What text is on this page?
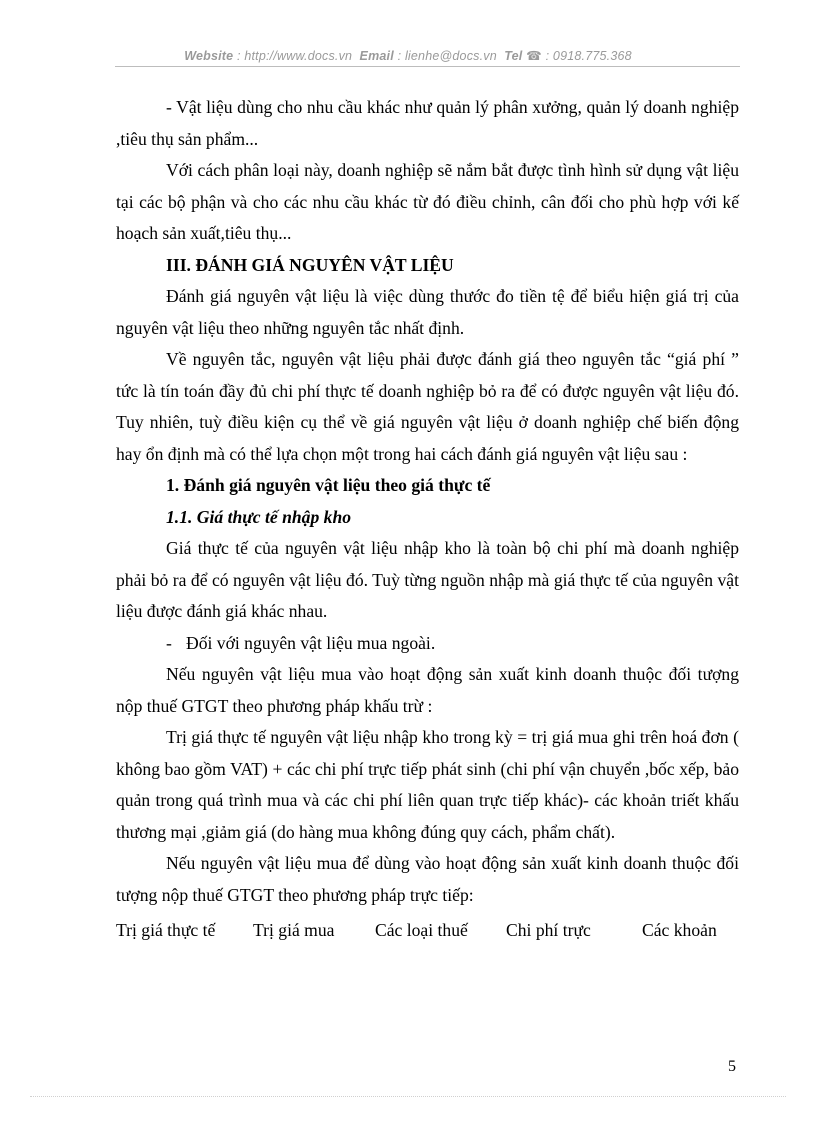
Website : http://www.docs.vn Email : lienhe@docs.vn Tel ☎ : 0918.775.368

- Vật liệu dùng cho nhu cầu khác như quản lý phân xưởng, quản lý doanh nghiệp ,tiêu thụ sản phẩm...

Với cách phân loại này, doanh nghiệp sẽ nắm bắt được tình hình sử dụng vật liệu tại các bộ phận và cho các nhu cầu khác từ đó điều chỉnh, cân đối cho phù hợp với kế hoạch sản xuất,tiêu thụ...

III. ĐÁNH GIÁ NGUYÊN VẬT LIỆU

Đánh giá nguyên vật liệu là việc dùng thước đo tiền tệ để biểu hiện giá trị của nguyên vật liệu theo những nguyên tắc nhất định.

Về nguyên tắc, nguyên vật liệu phải được đánh giá theo nguyên tắc “giá phí ” tức là tín toán đầy đủ chi phí thực tế doanh nghiệp bỏ ra để có được nguyên vật liệu đó. Tuy nhiên, tuỳ điều kiện cụ thể về giá nguyên vật liệu ở doanh nghiệp chế biến động hay ổn định mà có thể lựa chọn một trong hai cách đánh giá nguyên vật liệu sau :

1. Đánh giá nguyên vật liệu theo giá thực tế

1.1. Giá thực tế nhập kho

Giá thực tế của nguyên vật liệu nhập kho là toàn bộ chi phí mà doanh nghiệp phải bỏ ra để có nguyên vật liệu đó. Tuỳ từng nguồn nhập mà giá thực tế của nguyên vật liệu được đánh giá khác nhau.

- Đối với nguyên vật liệu mua ngoài.

Nếu nguyên vật liệu mua vào hoạt động sản xuất kinh doanh thuộc đối tượng nộp thuế GTGT theo phương pháp khấu trừ :

Trị giá thực tế nguyên vật liệu nhập kho trong kỳ = trị giá mua ghi trên hoá đơn ( không bao gồm VAT) + các chi phí trực tiếp phát sinh (chi phí vận chuyển ,bốc xếp, bảo quản trong quá trình mua và các chi phí liên quan trực tiếp khác)- các khoản triết khấu thương mại ,giảm giá (do hàng mua không đúng quy cách, phẩm chất).

Nếu nguyên vật liệu mua để dùng vào hoạt động sản xuất kinh doanh thuộc đối tượng nộp thuế GTGT theo phương pháp trực tiếp:

Trị giá thực tế	Trị giá mua	Các loại thuế	Chi phí trực	Các khoản
5
